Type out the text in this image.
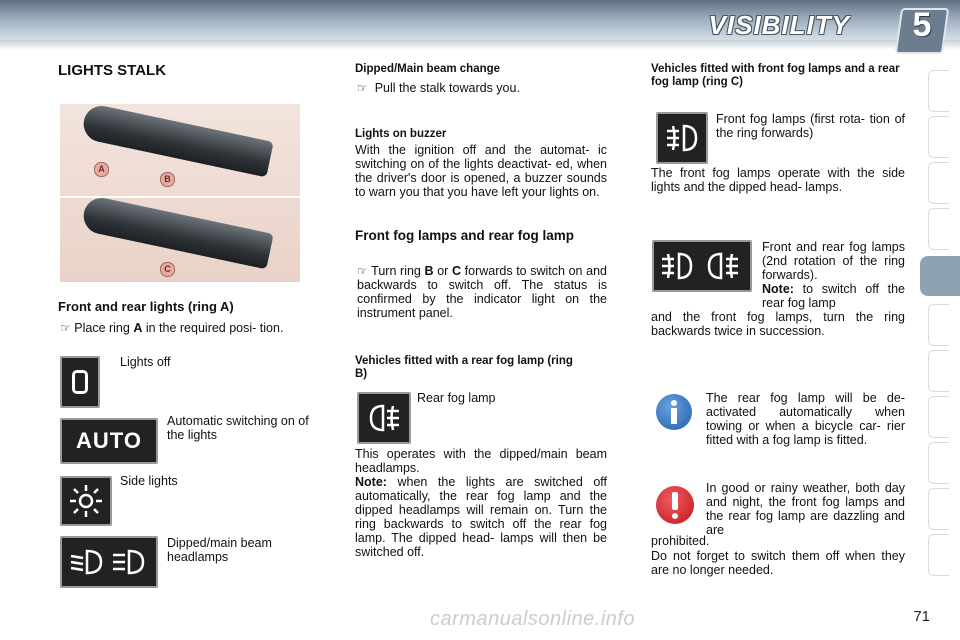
VISIBILITY	5
LIGHTS STALK
A
B
C
Front and rear lights (ring A)
☞ Place ring A in the required posi- tion.
Lights off
AUTO
Automatic switching on of the lights
Side lights
Dipped/main beam headlamps
Dipped/Main beam change
☞ Pull the stalk towards you.
Lights on buzzer
With the ignition off and the automat- ic switching on of the lights deactivat- ed, when the driver's door is opened, a buzzer sounds to warn you that you have left your lights on.
Front fog lamps and rear fog lamp
☞ Turn ring B or C forwards to switch on and backwards to switch off. The status is confirmed by the indicator light on the instrument panel.
Vehicles fitted with a rear fog lamp (ring B)
Rear fog lamp
This operates with the dipped/main beam headlamps.
Note: when the lights are switched off automatically, the rear fog lamp and the dipped headlamps will remain on. Turn the ring backwards to switch off the rear fog lamp. The dipped head- lamps will then be switched off.
Vehicles fitted with front fog lamps and a rear fog lamp (ring C)
Front fog lamps (first rota- tion of the ring forwards)
The front fog lamps operate with the side lights and the dipped head- lamps.
Front and rear fog lamps (2nd rotation of the ring forwards).
Note: to switch off the rear fog lamp
and the front fog lamps, turn the ring backwards twice in succession.
The rear fog lamp will be de- activated automatically when towing or when a bicycle car- rier fitted with a fog lamp is fitted.
In good or rainy weather, both day and night, the front fog lamps and the rear fog lamp are dazzling and are
prohibited.
Do not forget to switch them off when they are no longer needed.
carmanualsonline.info	71
